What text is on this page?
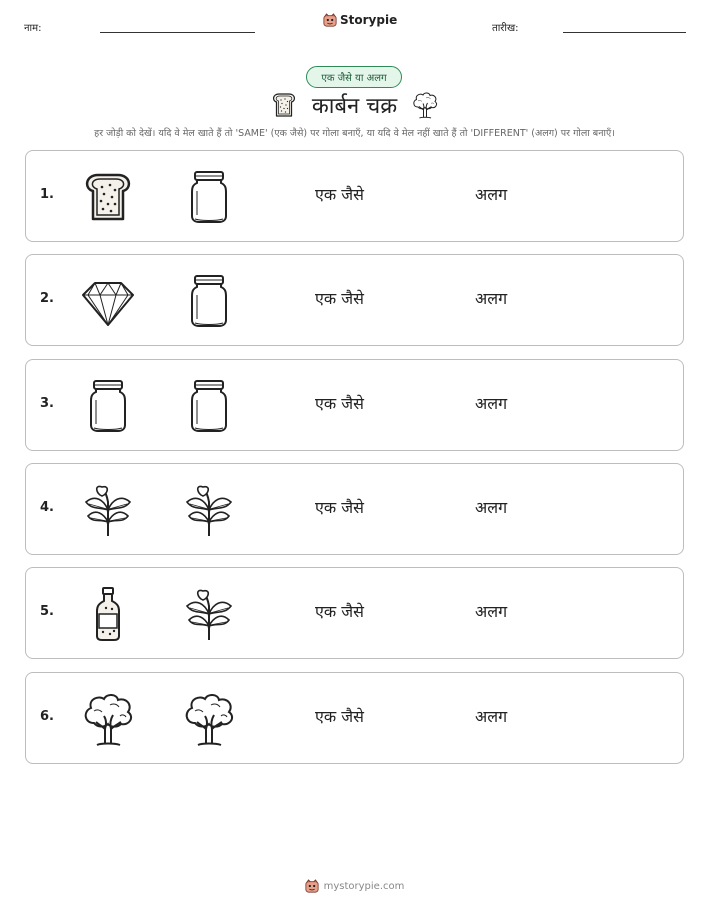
नाम:
Storypie
तारीख:
एक जैसे या अलग
कार्बन चक्र
हर जोड़ी को देखें। यदि वे मेल खाते हैं तो 'SAME' (एक जैसे) पर गोला बनाएँ, या यदि वे मेल नहीं खाते हैं तो 'DIFFERENT' (अलग) पर गोला बनाएँ।
1.	एक जैसे	अलग
2.	एक जैसे	अलग
3.	एक जैसे	अलग
4.	एक जैसे	अलग
5.	एक जैसे	अलग
6.	एक जैसे	अलग
mystorypie.com
